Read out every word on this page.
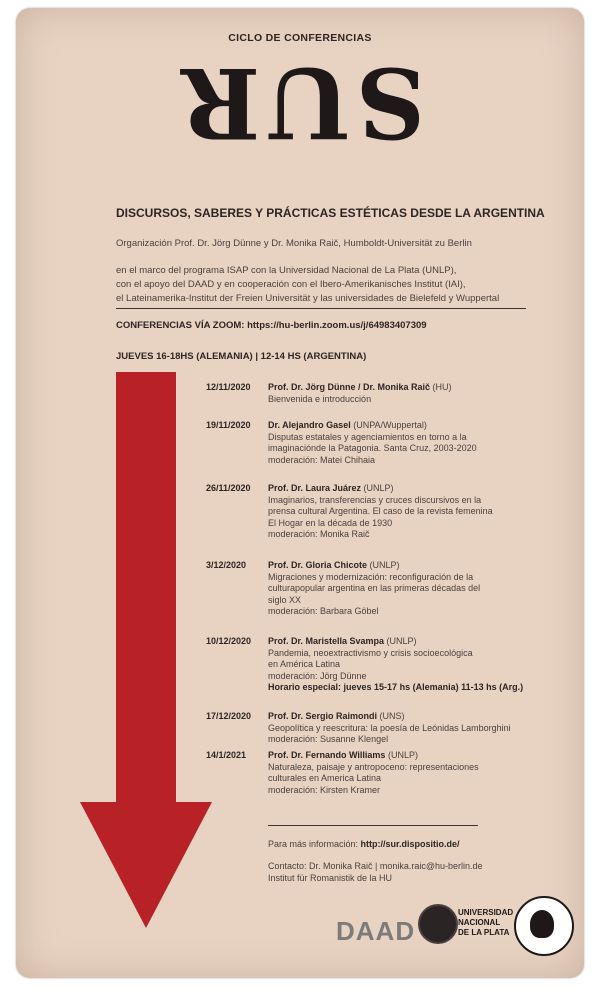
CICLO DE CONFERENCIAS
SUR
DISCURSOS, SABERES Y PRÁCTICAS ESTÉTICAS DESDE LA ARGENTINA
Organización Prof. Dr. Jörg Dünne y Dr. Monika Raič, Humboldt-Universität zu Berlin
en el marco del programa ISAP con la Universidad Nacional de La Plata (UNLP),
con el apoyo del DAAD y en cooperación con el Ibero-Amerikanisches Institut (IAI),
el Lateinamerika-Institut der Freien Universität y las universidades de Bielefeld y Wuppertal
CONFERENCIAS VÍA ZOOM: https://hu-berlin.zoom.us/j/64983407309
JUEVES 16-18HS (ALEMANIA) | 12-14 HS (ARGENTINA)
12/11/2020	Prof. Dr. Jörg Dünne / Dr. Monika Raič (HU)
Bienvenida e introducción
19/11/2020	Dr. Alejandro Gasel (UNPA/Wuppertal)
Disputas estatales y agenciamientos en torno a la
imaginaciónde la Patagonia. Santa Cruz, 2003-2020
moderación: Matei Chihaia
26/11/2020	Prof. Dr. Laura Juárez (UNLP)
Imaginarios, transferencias y cruces discursivos en la
prensa cultural Argentina. El caso de la revista femenina
El Hogar en la década de 1930
moderación: Monika Raič
3/12/2020	Prof. Dr. Gloria Chicote (UNLP)
Migraciones y modernización: reconfiguración de la
culturapopular argentina en las primeras décadas del
siglo XX
moderación: Barbara Göbel
10/12/2020	Prof. Dr. Maristella Svampa (UNLP)
Pandemia, neoextractivismo y crisis socioecológica
en América Latina
moderación: Jörg Dünne
Horario especial: jueves 15-17 hs (Alemania) 11-13 hs (Arg.)
17/12/2020	Prof. Dr. Sergio Raimondi (UNS)
Geopolítica y reescritura: la poesía de Leónidas Lamborghini
moderación: Susanne Klengel
14/1/2021	Prof. Dr. Fernando Williams (UNLP)
Naturaleza, paisaje y antropoceno: representaciones
culturales en America Latina
moderación: Kirsten Kramer
Para más información: http://sur.dispositio.de/
Contacto: Dr. Monika Raič | monika.raic@hu-berlin.de
Institut für Romanistik de la HU
DAAD
UNIVERSIDAD
NACIONAL
DE LA PLATA
